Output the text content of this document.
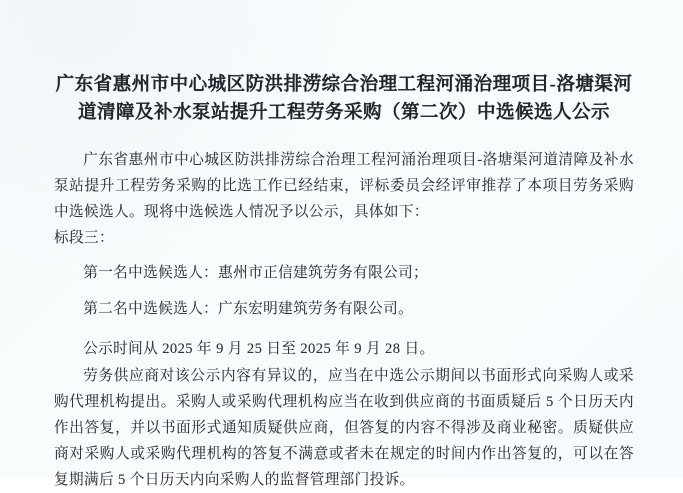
广东省惠州市中心城区防洪排涝综合治理工程河涌治理项目-洛塘渠河
道清障及补水泵站提升工程劳务采购（第二次）中选候选人公示

广东省惠州市中心城区防洪排涝综合治理工程河涌治理项目-洛塘渠河道清障及补水泵站提升工程劳务采购的比选工作已经结束，评标委员会经评审推荐了本项目劳务采购中选候选人。现将中选候选人情况予以公示，具体如下：

标段三：

第一名中选候选人：惠州市正信建筑劳务有限公司；

第二名中选候选人：广东宏明建筑劳务有限公司。

公示时间从 2025 年 9 月 25 日至 2025 年 9 月 28 日。

劳务供应商对该公示内容有异议的，应当在中选公示期间以书面形式向采购人或采购代理机构提出。采购人或采购代理机构应当在收到供应商的书面质疑后 5 个日历天内作出答复，并以书面形式通知质疑供应商，但答复的内容不得涉及商业秘密。质疑供应商对采购人或采购代理机构的答复不满意或者未在规定的时间内作出答复的，可以在答复期满后 5 个日历天内向采购人的监督管理部门投诉。
